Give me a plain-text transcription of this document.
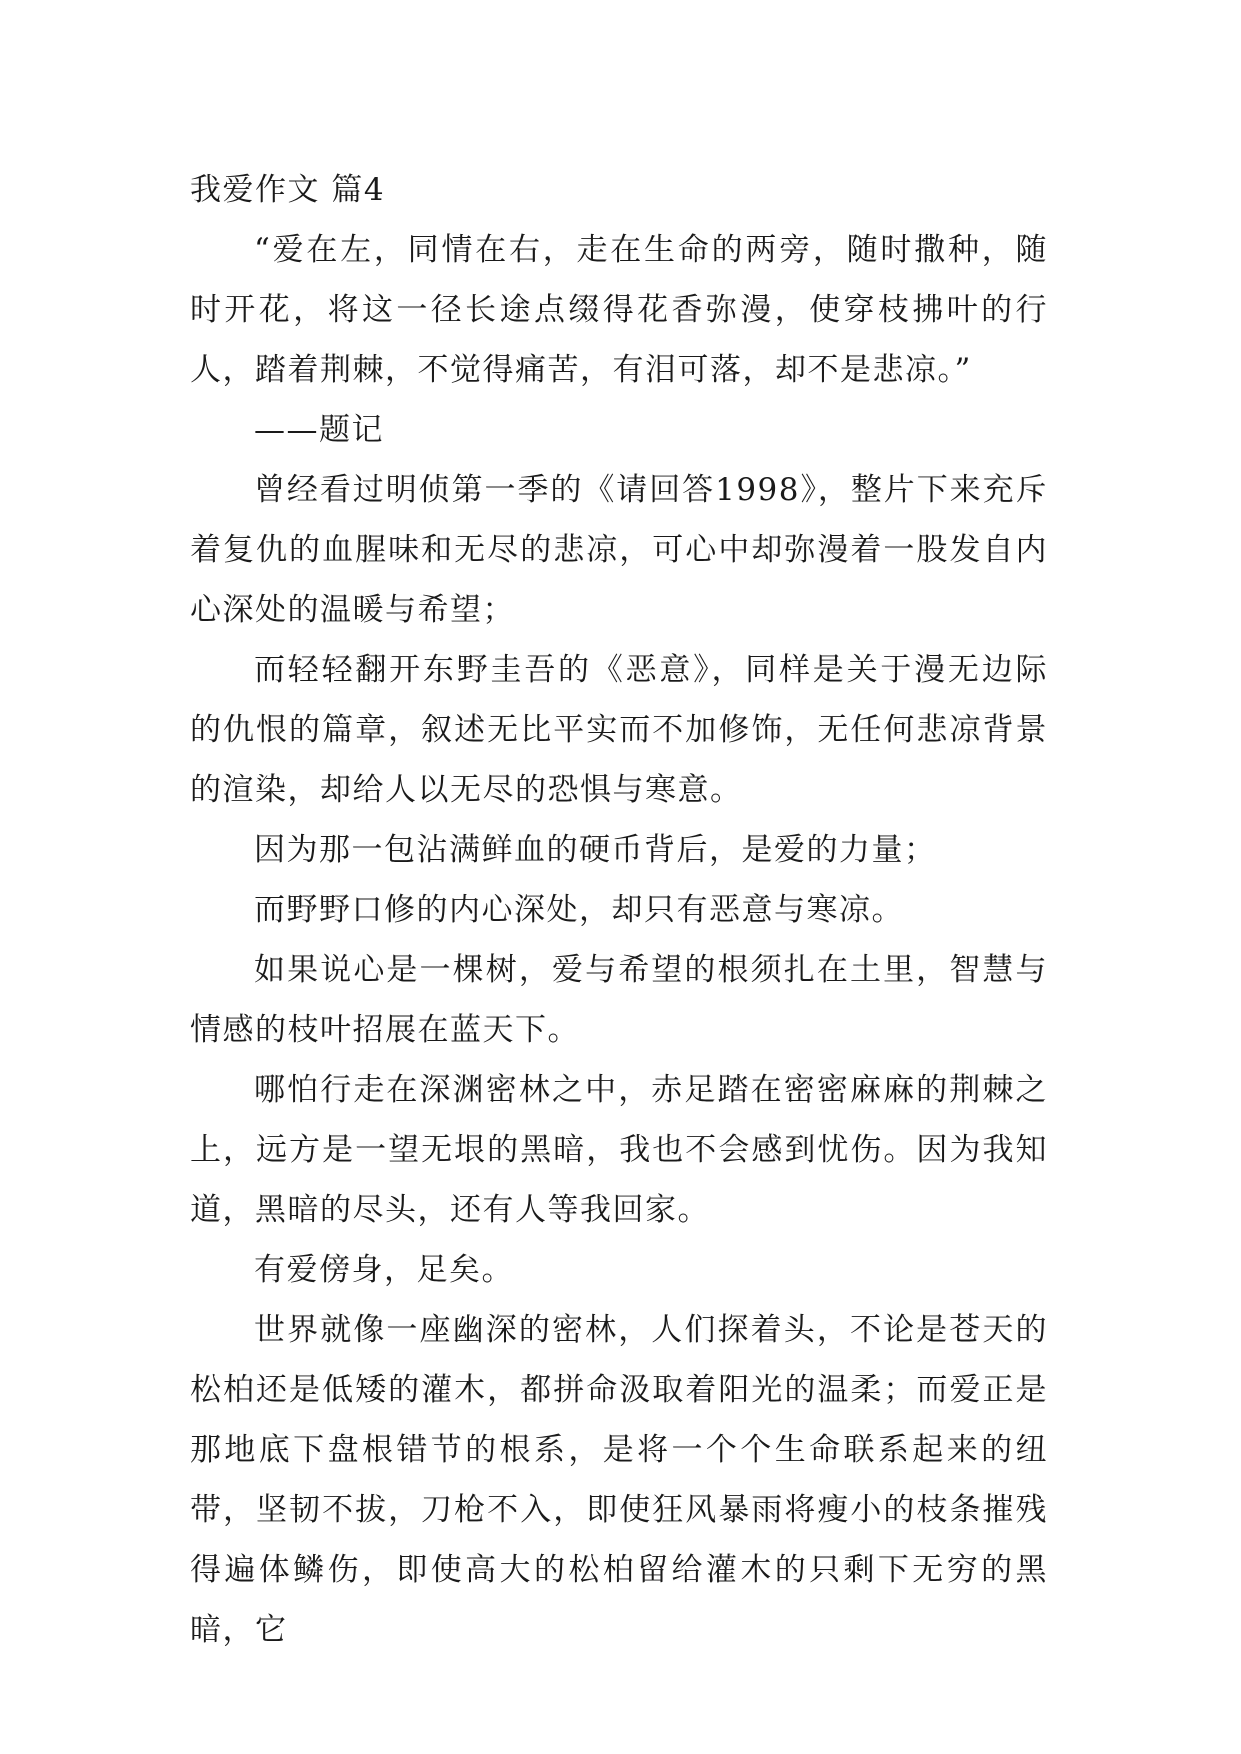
我爱作文 篇4

“爱在左，同情在右，走在生命的两旁，随时撒种，随时开花，将这一径长途点缀得花香弥漫，使穿枝拂叶的行人，踏着荆棘，不觉得痛苦，有泪可落，却不是悲凉。”

——题记

曾经看过明侦第一季的《请回答1998》，整片下来充斥着复仇的血腥味和无尽的悲凉，可心中却弥漫着一股发自内心深处的温暖与希望；

而轻轻翻开东野圭吾的《恶意》，同样是关于漫无边际的仇恨的篇章，叙述无比平实而不加修饰，无任何悲凉背景的渲染，却给人以无尽的恐惧与寒意。

因为那一包沾满鲜血的硬币背后，是爱的力量；

而野野口修的内心深处，却只有恶意与寒凉。

如果说心是一棵树，爱与希望的根须扎在土里，智慧与情感的枝叶招展在蓝天下。

哪怕行走在深渊密林之中，赤足踏在密密麻麻的荆棘之上，远方是一望无垠的黑暗，我也不会感到忧伤。因为我知道，黑暗的尽头，还有人等我回家。

有爱傍身，足矣。

世界就像一座幽深的密林，人们探着头，不论是苍天的松柏还是低矮的灌木，都拼命汲取着阳光的温柔；而爱正是那地底下盘根错节的根系，是将一个个生命联系起来的纽带，坚韧不拔，刀枪不入，即使狂风暴雨将瘦小的枝条摧残得遍体鳞伤，即使高大的松柏留给灌木的只剩下无穷的黑暗，它
